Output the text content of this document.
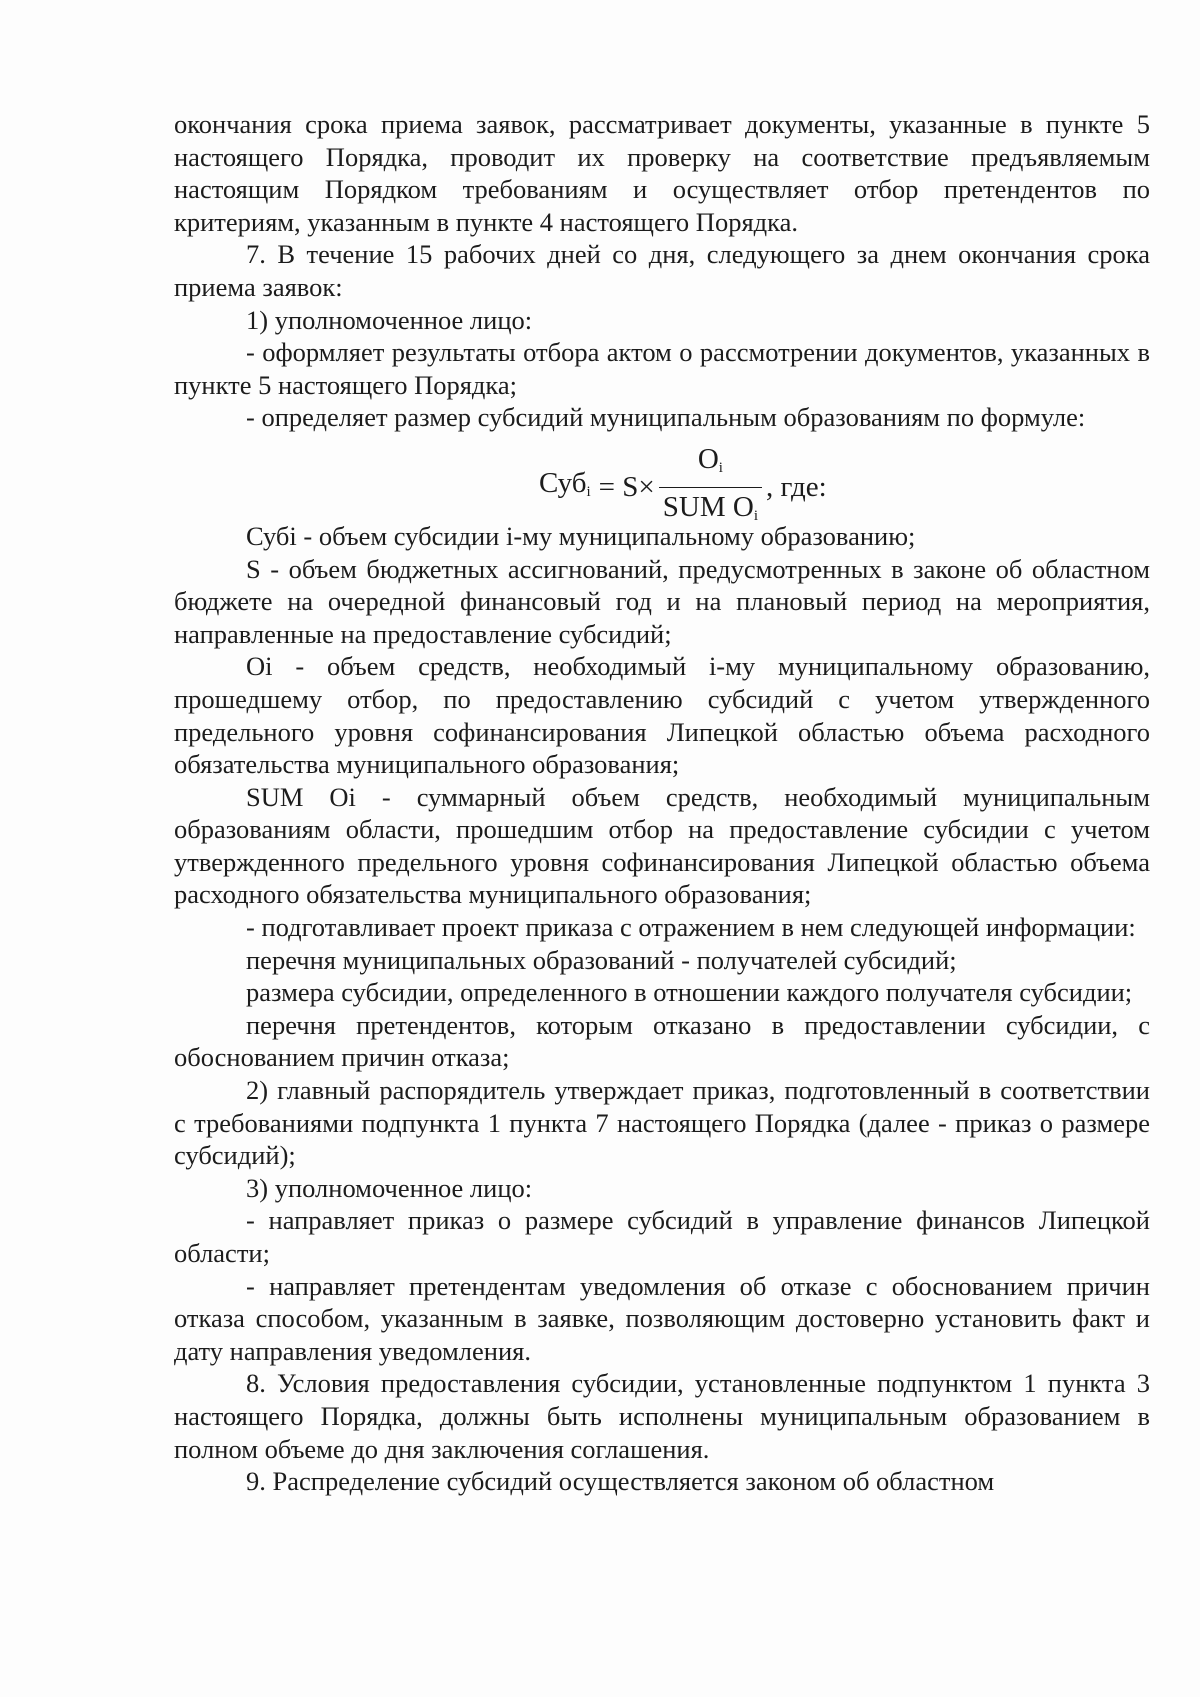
окончания срока приема заявок, рассматривает документы, указанные в пункте 5 настоящего Порядка, проводит их проверку на соответствие предъявляемым настоящим Порядком требованиям и осуществляет отбор претендентов по критериям, указанным в пункте 4 настоящего Порядка.

7. В течение 15 рабочих дней со дня, следующего за днем окончания срока приема заявок:

1) уполномоченное лицо:

- оформляет результаты отбора актом о рассмотрении документов, указанных в пункте 5 настоящего Порядка;

- определяет размер субсидий муниципальным образованиям по формуле:

$Суб_i = S\times \frac{O_i}{SUM O_i}$ , где:

Субi - объем субсидии i-му муниципальному образованию;

S - объем бюджетных ассигнований, предусмотренных в законе об областном бюджете на очередной финансовый год и на плановый период на мероприятия, направленные на предоставление субсидий;

Oi - объем средств, необходимый i-му муниципальному образованию, прошедшему отбор, по предоставлению субсидий с учетом утвержденного предельного уровня софинансирования Липецкой областью объема расходного обязательства муниципального образования;

SUM Oi - суммарный объем средств, необходимый муниципальным образованиям области, прошедшим отбор на предоставление субсидии с учетом утвержденного предельного уровня софинансирования Липецкой областью объема расходного обязательства муниципального образования;

- подготавливает проект приказа с отражением в нем следующей информации:

перечня муниципальных образований - получателей субсидий;

размера субсидии, определенного в отношении каждого получателя субсидии;

перечня претендентов, которым отказано в предоставлении субсидии, с обоснованием причин отказа;

2) главный распорядитель утверждает приказ, подготовленный в соответствии с требованиями подпункта 1 пункта 7 настоящего Порядка (далее - приказ о размере субсидий);

3) уполномоченное лицо:

- направляет приказ о размере субсидий в управление финансов Липецкой области;

- направляет претендентам уведомления об отказе с обоснованием причин отказа способом, указанным в заявке, позволяющим достоверно установить факт и дату направления уведомления.

8. Условия предоставления субсидии, установленные подпунктом 1 пункта 3 настоящего Порядка, должны быть исполнены муниципальным образованием в полном объеме до дня заключения соглашения.

9. Распределение субсидий осуществляется законом об областном
